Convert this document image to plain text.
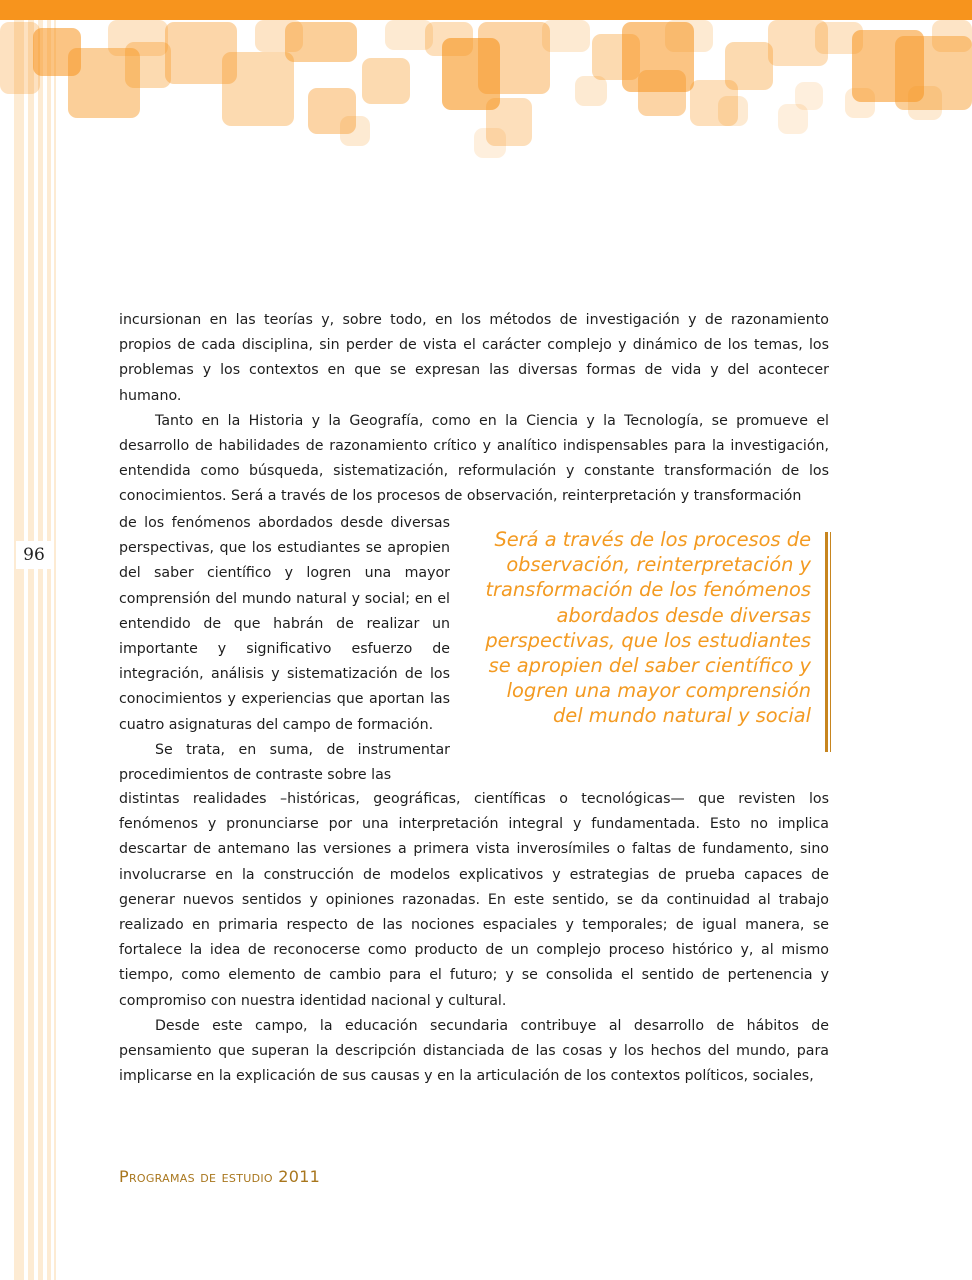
96

incursionan en las teorías y, sobre todo, en los métodos de investigación y de razonamiento propios de cada disciplina, sin perder de vista el carácter complejo y dinámico de los temas, los problemas y los contextos en que se expresan las diversas formas de vida y del acontecer humano.

Tanto en la Historia y la Geografía, como en la Ciencia y la Tecnología, se promueve el desarrollo de habilidades de razonamiento crítico y analítico indispensables para la investigación, entendida como búsqueda, sistematización, reformulación y constante transformación de los conocimientos. Será a través de los procesos de observación, reinterpretación y transformación

de los fenómenos abordados desde diversas perspectivas, que los estudiantes se apropien del saber científico y logren una mayor comprensión del mundo natural y social; en el entendido de que habrán de realizar un importante y significativo esfuerzo de integración, análisis y sistematización de los conocimientos y experiencias que aportan las cuatro asignaturas del campo de formación.

Se trata, en suma, de instrumentar procedimientos de contraste sobre las

Será a través de los procesos de observación, reinterpretación y transformación de los fenómenos abordados desde diversas perspectivas, que los estudiantes se apropien del saber científico y logren una mayor comprensión del mundo natural y social

distintas realidades –históricas, geográficas, científicas o tecnológicas— que revisten los fenómenos y pronunciarse por una interpretación integral y fundamentada. Esto no implica descartar de antemano las versiones a primera vista inverosímiles o faltas de fundamento, sino involucrarse en la construcción de modelos explicativos y estrategias de prueba capaces de generar nuevos sentidos y opiniones razonadas. En este sentido, se da continuidad al trabajo realizado en primaria respecto de las nociones espaciales y temporales; de igual manera, se fortalece la idea de reconocerse como producto de un complejo proceso histórico y, al mismo tiempo, como elemento de cambio para el futuro; y se consolida el sentido de pertenencia y compromiso con nuestra identidad nacional y cultural.

Desde este campo, la educación secundaria contribuye al desarrollo de hábitos de pensamiento que superan la descripción distanciada de las cosas y los hechos del mundo, para implicarse en la explicación de sus causas y en la articulación de los contextos políticos, sociales,

Programas de estudio 2011
